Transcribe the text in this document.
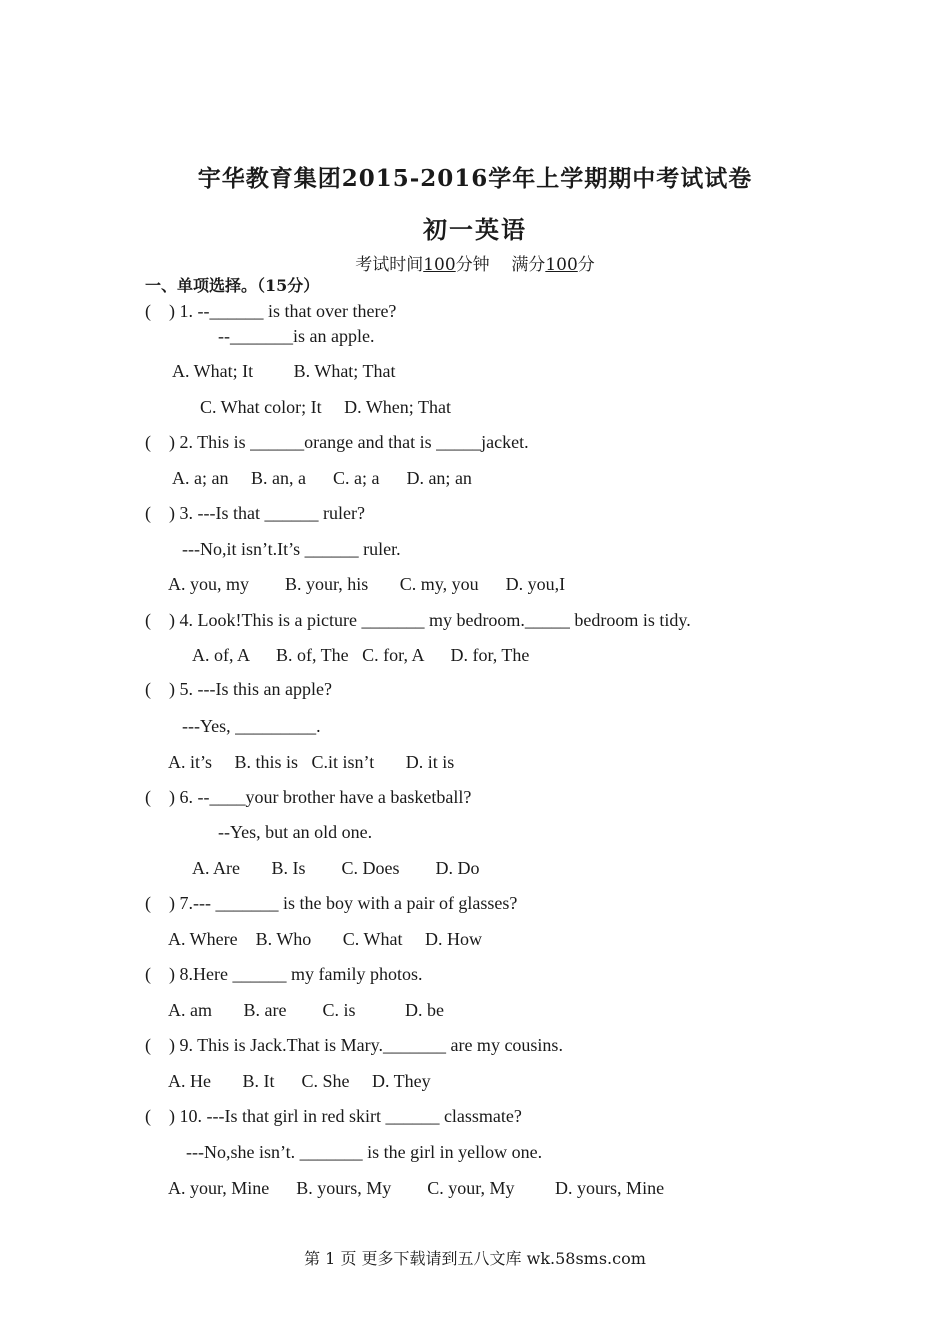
宇华教育集团2015-2016学年上学期期中考试试卷
初一英语
考试时间100分钟 满分100分
一、单项选择。（15分）
(    ) 1. --______ is that over there?
--_______is an apple.
A. What; It         B. What; That
C. What color; It     D. When; That
(    ) 2. This is ______orange and that is _____jacket.
A. a; an     B. an, a      C. a; a      D. an; an
(    ) 3. ---Is that ______ ruler?
---No,it isn’t.It’s ______ ruler.
A. you, my        B. your, his       C. my, you      D. you,I
(    ) 4. Look!This is a picture _______ my bedroom._____ bedroom is tidy.
A. of, A      B. of, The   C. for, A      D. for, The
(    ) 5. ---Is this an apple?
---Yes, _________.
A. it’s     B. this is   C.it isn’t       D. it is
(    ) 6. --____your brother have a basketball?
--Yes, but an old one.
A. Are       B. Is        C. Does        D. Do
(    ) 7.--- _______ is the boy with a pair of glasses?
A. Where    B. Who       C. What     D. How
(    ) 8.Here ______ my family photos.
A. am       B. are        C. is           D. be
(    ) 9. This is Jack.That is Mary._______ are my cousins.
A. He       B. It      C. She     D. They
(    ) 10. ---Is that girl in red skirt ______ classmate?
---No,she isn’t. _______ is the girl in yellow one.
A. your, Mine      B. yours, My        C. your, My         D. yours, Mine
第 1 页 更多下载请到五八文库 wk.58sms.com
